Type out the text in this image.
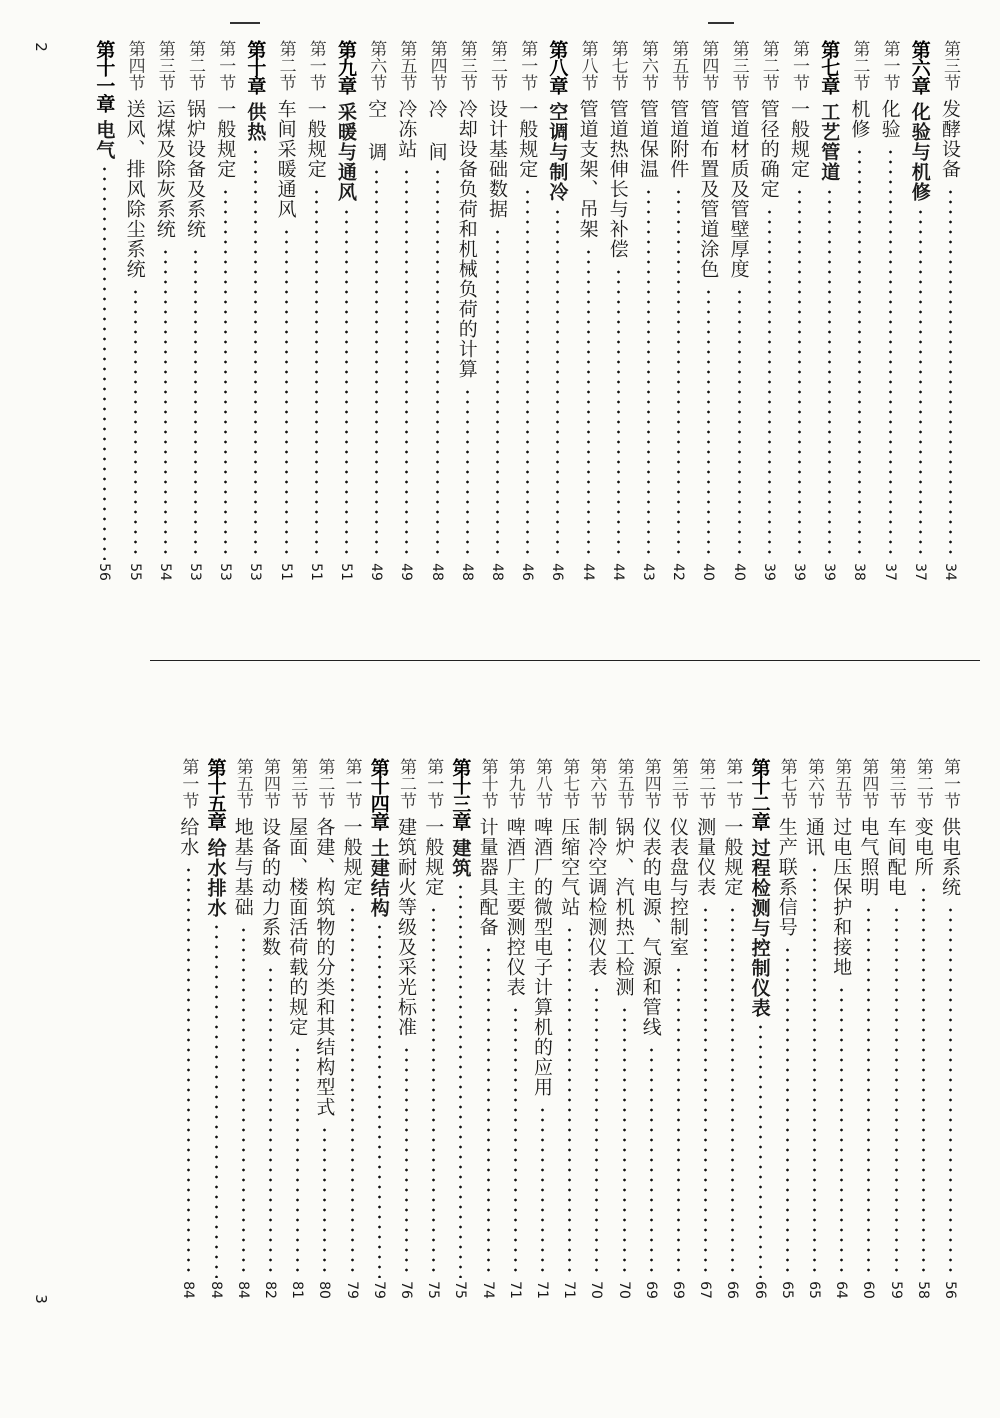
2
3
第三节发酵设备
34
第六章化验与机修
37
第一节化验
37
第二节机修
38
第七章工艺管道
39
第一节一般规定
39
第二节管径的确定
39
第三节管道材质及管壁厚度
40
第四节管道布置及管道涂色
40
第五节管道附件
42
第六节管道保温
43
第七节管道热伸长与补偿
44
第八节管道支架、吊架
44
第八章空调与制冷
46
第一节一般规定
46
第二节设计基础数据
48
第三节冷却设备负荷和机械负荷的计算
48
第四节冷 间
48
第五节冷冻站
49
第六节空 调
49
第九章采暖与通风
51
第一节一般规定
51
第二节车间采暖通风
51
第十章供热
53
第一节一般规定
53
第二节锅炉设备及系统
53
第三节运煤及除灰系统
54
第四节送风、排风除尘系统
55
第十一章电气
56
第一节供电系统
56
第二节变电所
58
第三节车间配电
59
第四节电气照明
60
第五节过电压保护和接地
64
第六节通讯
65
第七节生产联系信号
65
第十二章过程检测与控制仪表
66
第一节一般规定
66
第二节测量仪表
67
第三节仪表盘与控制室
69
第四节仪表的电源、气源和管线
69
第五节锅炉、汽机热工检测
70
第六节制冷空调检测仪表
70
第七节压缩空气站
71
第八节啤酒厂的微型电子计算机的应用
71
第九节啤酒厂主要测控仪表
71
第十节计量器具配备
74
第十三章建筑
75
第一节一般规定
75
第二节建筑耐火等级及采光标准
76
第十四章土建结构
79
第一节一般规定
79
第二节各建、构筑物的分类和其结构型式
80
第三节屋面、楼面活荷载的规定
81
第四节设备的动力系数
82
第五节地基与基础
84
第十五章给水排水
84
第一节给水
84
